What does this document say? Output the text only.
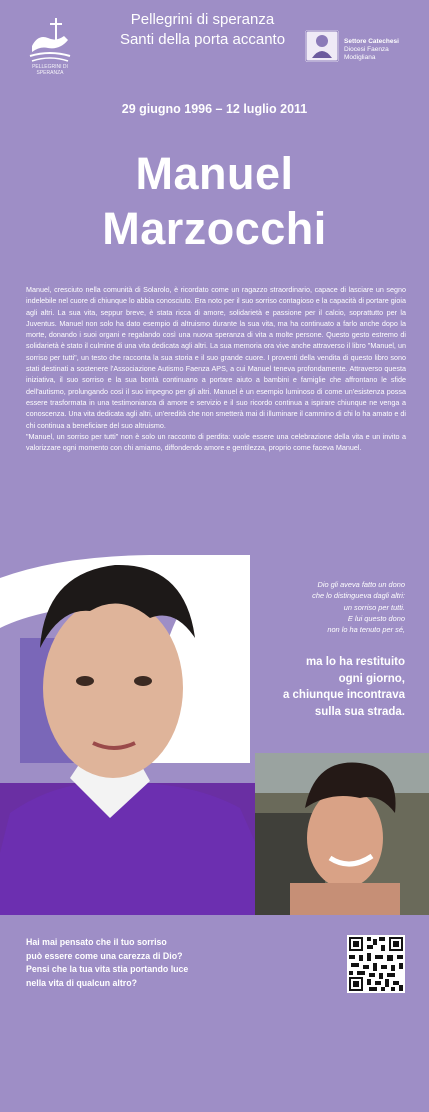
PELLEGRINI DI SPERANZA
Pellegrini di speranza
Santi della porta accanto	Settore Catechesi
Diocesi Faenza
Modigliana
29 giugno 1996 – 12 luglio 2011
Manuel
Marzocchi

Manuel, cresciuto nella comunità di Solarolo, è ricordato come un ragazzo straordinario, capace di lasciare un segno indelebile nel cuore di chiunque lo abbia conosciuto. Era noto per il suo sorriso contagioso e la capacità di portare gioia agli altri. La sua vita, seppur breve, è stata ricca di amore, solidarietà e passione per il calcio, soprattutto per la Juventus. Manuel non solo ha dato esempio di altruismo durante la sua vita, ma ha continuato a farlo anche dopo la morte, donando i suoi organi e regalando così una nuova speranza di vita a molte persone. Questo gesto estremo di solidarietà è stato il culmine di una vita dedicata agli altri. La sua memoria ora vive anche attraverso il libro "Manuel, un sorriso per tutti", un testo che racconta la sua storia e il suo grande cuore. I proventi della vendita di questo libro sono stati destinati a sostenere l'Associazione Autismo Faenza APS, a cui Manuel teneva profondamente. Attraverso questa iniziativa, il suo sorriso e la sua bontà continuano a portare aiuto a bambini e famiglie che affrontano le sfide dell'autismo, prolungando così il suo impegno per gli altri. Manuel è un esempio luminoso di come un'esistenza possa essere trasformata in una testimonianza di amore e servizio e il suo ricordo continua a ispirare chiunque ne venga a conoscenza. Una vita dedicata agli altri, un'eredità che non smetterà mai di illuminare il cammino di chi lo ha amato e di chi continua a beneficiare del suo altruismo.

"Manuel, un sorriso per tutti" non è solo un racconto di perdita: vuole essere una celebrazione della vita e un invito a valorizzare ogni momento con chi amiamo, diffondendo amore e gentilezza, proprio come faceva Manuel.

Dio gli aveva fatto un dono
che lo distingueva dagli altri:
un sorriso per tutti.
E lui questo dono
non lo ha tenuto per sé,
ma lo ha restituito
ogni giorno,
a chiunque incontrava
sulla sua strada.
Hai mai pensato che il tuo sorriso
può essere come una carezza di Dio?
Pensi che la tua vita stia portando luce
nella vita di qualcun altro?
